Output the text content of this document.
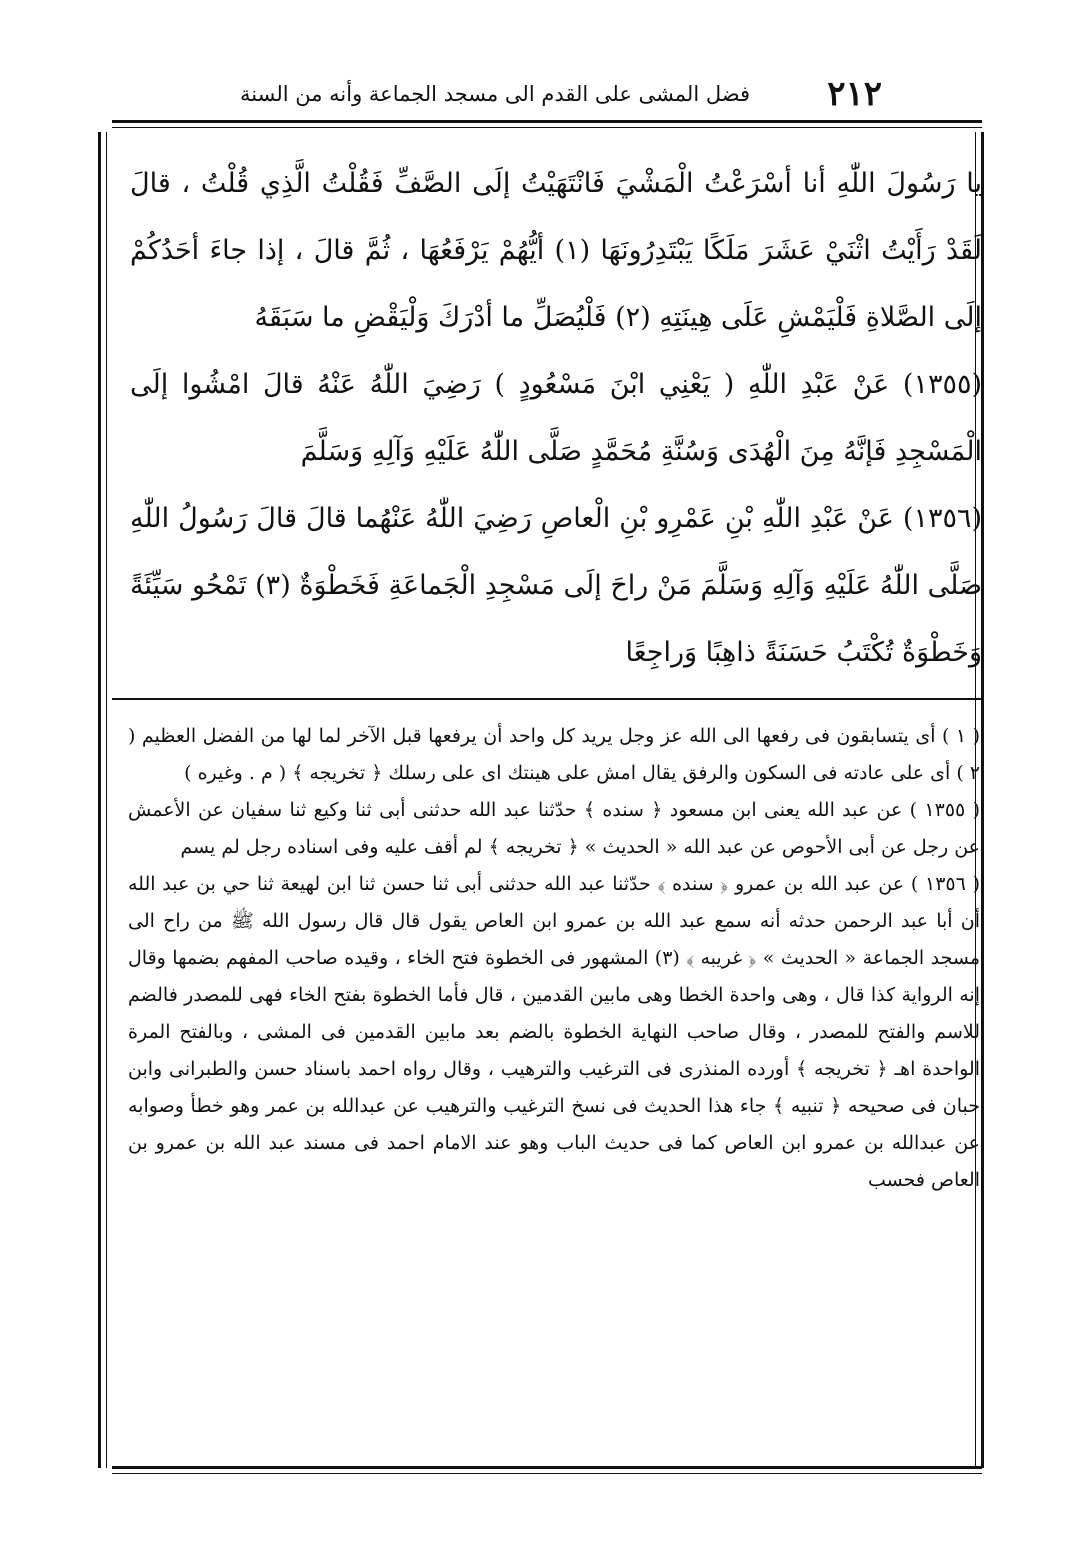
٢١٢
فضل المشى على القدم الى مسجد الجماعة وأنه من السنة

يا رَسُولَ اللّٰهِ أنا أسْرَعْتُ الْمَشْيَ فَانْتَهَيْتُ إلَى الصَّفِّ فَقُلْتُ الَّذِي قُلْتُ ، قالَ لَقَدْ رَأَيْتُ اثْنَيْ عَشَرَ مَلَكًا يَبْتَدِرُونَهَا (١) أيُّهُمْ يَرْفَعُهَا ، ثُمَّ قالَ ، إذا جاءَ أحَدُكُمْ إلَى الصَّلاةِ فَلْيَمْشِ عَلَى هِينَتِهِ (٢) فَلْيُصَلِّ ما أدْرَكَ وَلْيَقْضِ ما سَبَقَهُ

(١٣٥٥) عَنْ عَبْدِ اللّٰهِ ( يَعْنِي ابْنَ مَسْعُودٍ ) رَضِيَ اللّٰهُ عَنْهُ قالَ امْشُوا إلَى الْمَسْجِدِ فَإنَّهُ مِنَ الْهُدَى وَسُنَّةِ مُحَمَّدٍ صَلَّى اللّٰهُ عَلَيْهِ وَآلِهِ وَسَلَّمَ

(١٣٥٦) عَنْ عَبْدِ اللّٰهِ بْنِ عَمْرِو بْنِ الْعاصِ رَضِيَ اللّٰهُ عَنْهُما قالَ قالَ رَسُولُ اللّٰهِ صَلَّى اللّٰهُ عَلَيْهِ وَآلِهِ وَسَلَّمَ مَنْ راحَ إلَى مَسْجِدِ الْجَماعَةِ فَخَطْوَةٌ (٣) تَمْحُو سَيِّئَةً وَخَطْوَةٌ تُكْتَبُ حَسَنَةً ذاهِبًا وَراجِعًا

( ١ ) أى يتسابقون فى رفعها الى الله عز وجل يريد كل واحد أن يرفعها قبل الآخر لما لها من الفضل العظيم ( ٢ ) أى على عادته فى السكون والرفق يقال امش على هينتك اى على رسلك ﴿ تخريجه ﴾ ( م . وغيره )

( ١٣٥٥ ) عن عبد الله يعنى ابن مسعود ﴿ سنده ﴾ حدّثنا عبد الله حدثنى أبى ثنا وكيع ثنا سفيان عن الأعمش عن رجل عن أبى الأحوص عن عبد الله « الحديث » ﴿ تخريجه ﴾ لم أقف عليه وفى اسناده رجل لم يسم

( ١٣٥٦ ) عن عبد الله بن عمرو ﴿ سنده ﴾ حدّثنا عبد الله حدثنى أبى ثنا حسن ثنا ابن لهيعة ثنا حي بن عبد الله أن أبا عبد الرحمن حدثه أنه سمع عبد الله بن عمرو ابن العاص يقول قال قال رسول الله ﷺ من راح الى مسجد الجماعة « الحديث » ﴿ غريبه ﴾ (٣) المشهور فى الخطوة فتح الخاء ، وقيده صاحب المفهم بضمها وقال إنه الرواية كذا قال ، وهى واحدة الخطا وهى مابين القدمين ، قال فأما الخطوة بفتح الخاء فهى للمصدر فالضم للاسم والفتح للمصدر ، وقال صاحب النهاية الخطوة بالضم بعد مابين القدمين فى المشى ، وبالفتح المرة الواحدة اهـ ﴿ تخريجه ﴾ أورده المنذرى فى الترغيب والترهيب ، وقال رواه احمد باسناد حسن والطبرانى وابن حبان فى صحيحه ﴿ تنبيه ﴾ جاء هذا الحديث فى نسخ الترغيب والترهيب عن عبدالله بن عمر وهو خطأ وصوابه عن عبدالله بن عمرو ابن العاص كما فى حديث الباب وهو عند الامام احمد فى مسند عبد الله بن عمرو بن العاص فحسب
